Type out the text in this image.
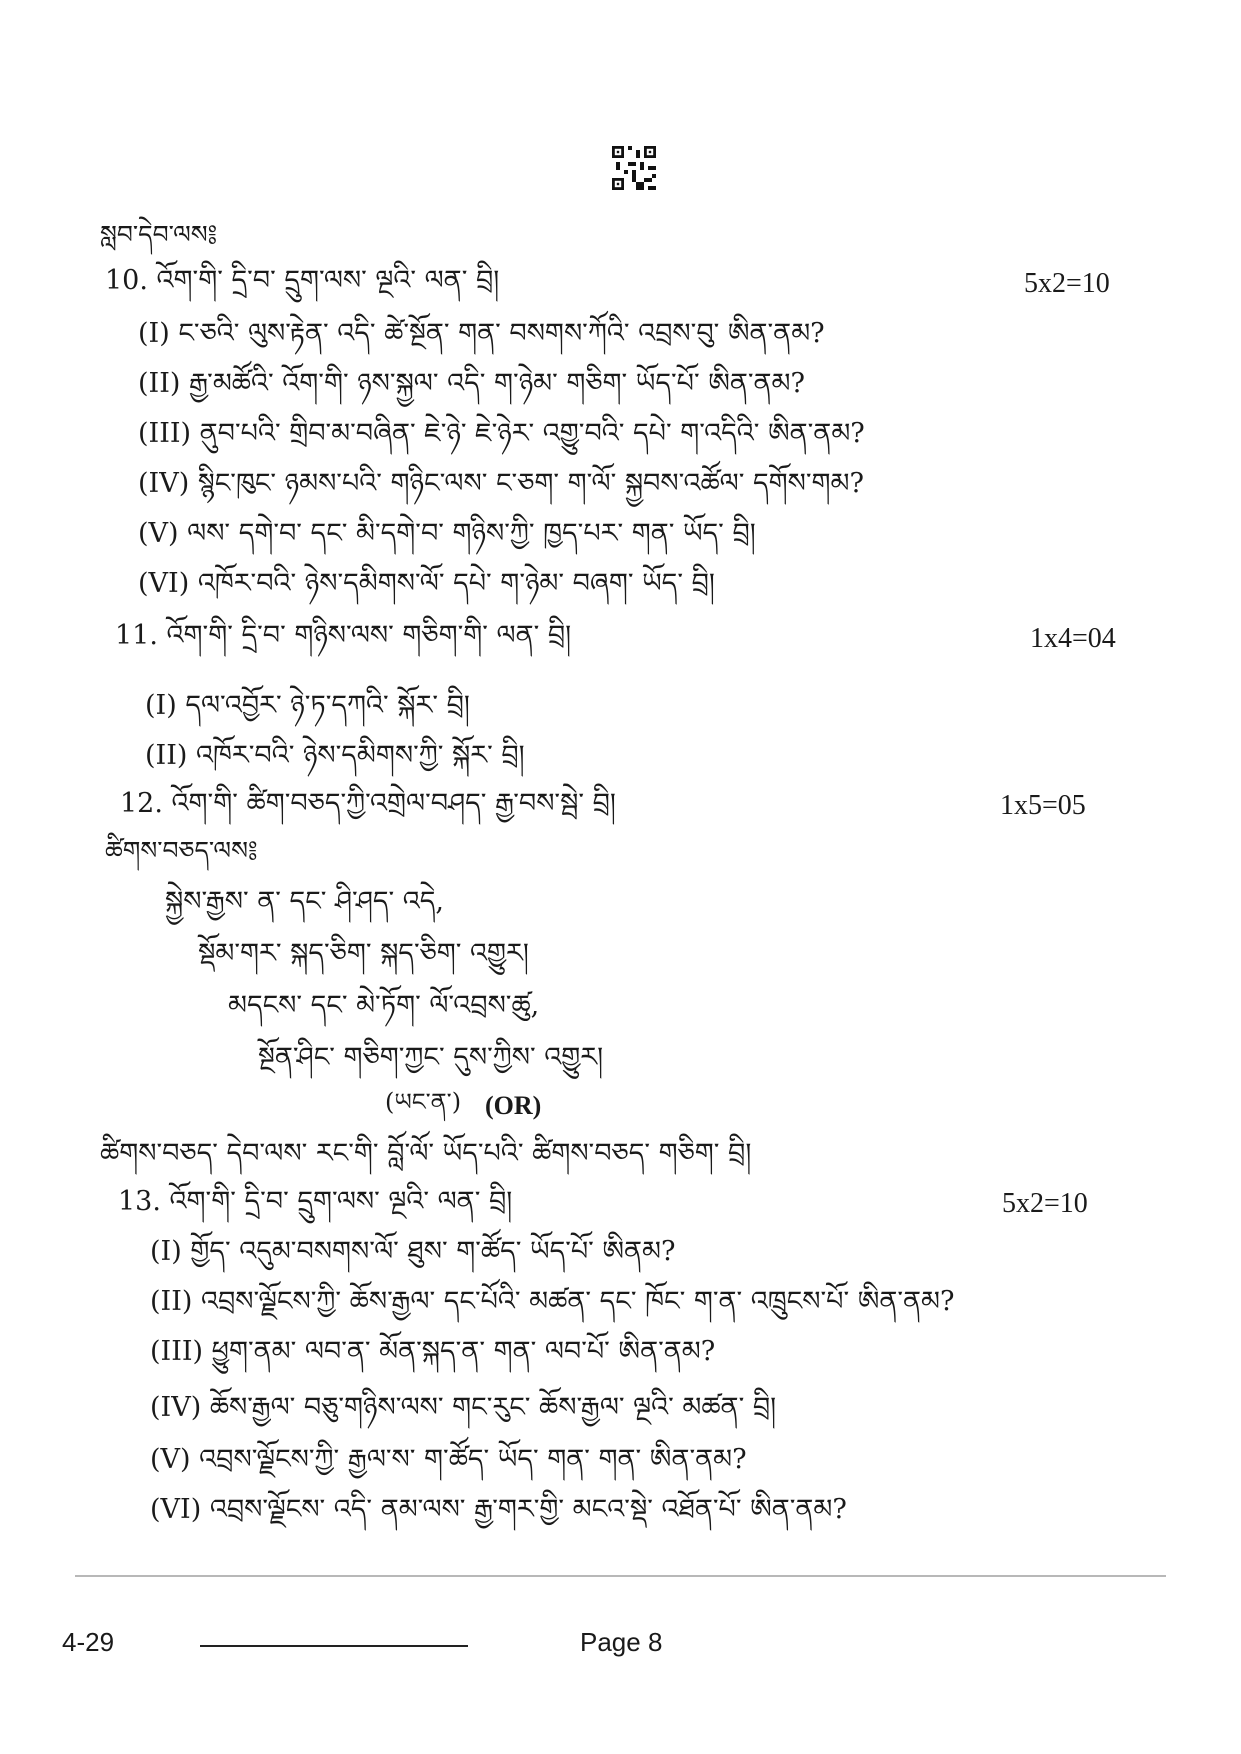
སླབ་དེབ་ལས༔
10. འོག་གི་ དྲི་བ་ དྲུག་ལས་ ལྔའི་ ལན་ བྲི།	5x2=10
(I) ང་ཅའི་ ལུས་རྟེན་ འདི་ ཚེ་སྔོན་ གན་ བསགས་ཀོའི་ འབྲས་བུ་ ཨིན་ནམ?
(II) རྒྱ་མཚོའི་ འོག་གི་ ཉས་སྐྱལ་ འདི་ ག་ཉེམ་ གཅིག་ ཡོད་པོ་ ཨིན་ནམ?
(III) ནུབ་པའི་ གྲིབ་མ་བཞིན་ ཇེ་ཉེ་ ཇེ་ཉེར་ འགྱུ་བའི་ དཔེ་ ག་འདིའི་ ཨིན་ནམ?
(IV) སྙིང་ཁུང་ ཉམས་པའི་ གཉིང་ལས་ ང་ཅག་ ག་ལོ་ སྐྱབས་འཚོལ་ དགོས་གམ?
(V) ལས་ དགེ་བ་ དང་ མི་དགེ་བ་ གཉིས་ཀྱི་ ཁྱད་པར་ གན་ ཡོད་ བྲི།
(VI) འཁོར་བའི་ ཉེས་དམིགས་ལོ་ དཔེ་ ག་ཉེམ་ བཞག་ ཡོད་ བྲི།
11. འོག་གི་ དྲི་བ་ གཉིས་ལས་ གཅིག་གི་ ལན་ བྲི།	1x4=04
(I) དལ་འབྱོར་ ཉེ་ཏ་དཀའི་ སྐོར་ བྲི།
(II) འཁོར་བའི་ ཉེས་དམིགས་ཀྱི་ སྐོར་ བྲི།
12. འོག་གི་ ཚིག་བཅད་ཀྱི་འགྲེལ་བཤད་ རྒྱ་བས་སྦེ་ བྲི།	1x5=05
ཚིགས་བཅད་ལས༔
སྐྱེས་རྒྱས་ ན་ དང་ ཤི་ཤད་ འདེ,
སྡོམ་གར་ སྐད་ཅིག་ སྐད་ཅིག་ འགྱུར།
མདངས་ དང་ མེ་ཏོག་ ལོ་འབྲས་ཚུ,
སྔོན་ཤིང་ གཅིག་ཀྱང་ དུས་ཀྱིས་ འགྱུར།
(ཡང་ན་) (OR)
ཚིགས་བཅད་ དེབ་ལས་ རང་གི་ བློ་ལོ་ ཡོད་པའི་ ཚིགས་བཅད་ གཅིག་ བྲི།
13. འོག་གི་ དྲི་བ་ དྲུག་ལས་ ལྔའི་ ལན་ བྲི།	5x2=10
(I) གྱོད་ འདུམ་བསགས་ལོ་ ཐུས་ ག་ཚོད་ ཡོད་པོ་ ཨིནམ?
(II) འབྲས་ལྗོངས་ཀྱི་ ཆོས་རྒྱལ་ དང་པོའི་ མཚན་ དང་ ཁོང་ ག་ན་ འཁྲུངས་པོ་ ཨིན་ནམ?
(III) ཕྱུག་ནམ་ ལབ་ན་ མོན་སྐད་ན་ གན་ ལབ་པོ་ ཨིན་ནམ?
(IV) ཆོས་རྒྱལ་ བཅུ་གཉིས་ལས་ གང་རུང་ ཆོས་རྒྱལ་ ལྔའི་ མཚན་ བྲི།
(V) འབྲས་ལྗོངས་ཀྱི་ རྒྱལ་ས་ ག་ཚོད་ ཡོད་ གན་ གན་ ཨིན་ནམ?
(VI) འབྲས་ལྗོངས་ འདི་ ནམ་ལས་ རྒྱ་གར་གྱི་ མངའ་སྡེ་ འཐོན་པོ་ ཨིན་ནམ?
4-29	Page 8
